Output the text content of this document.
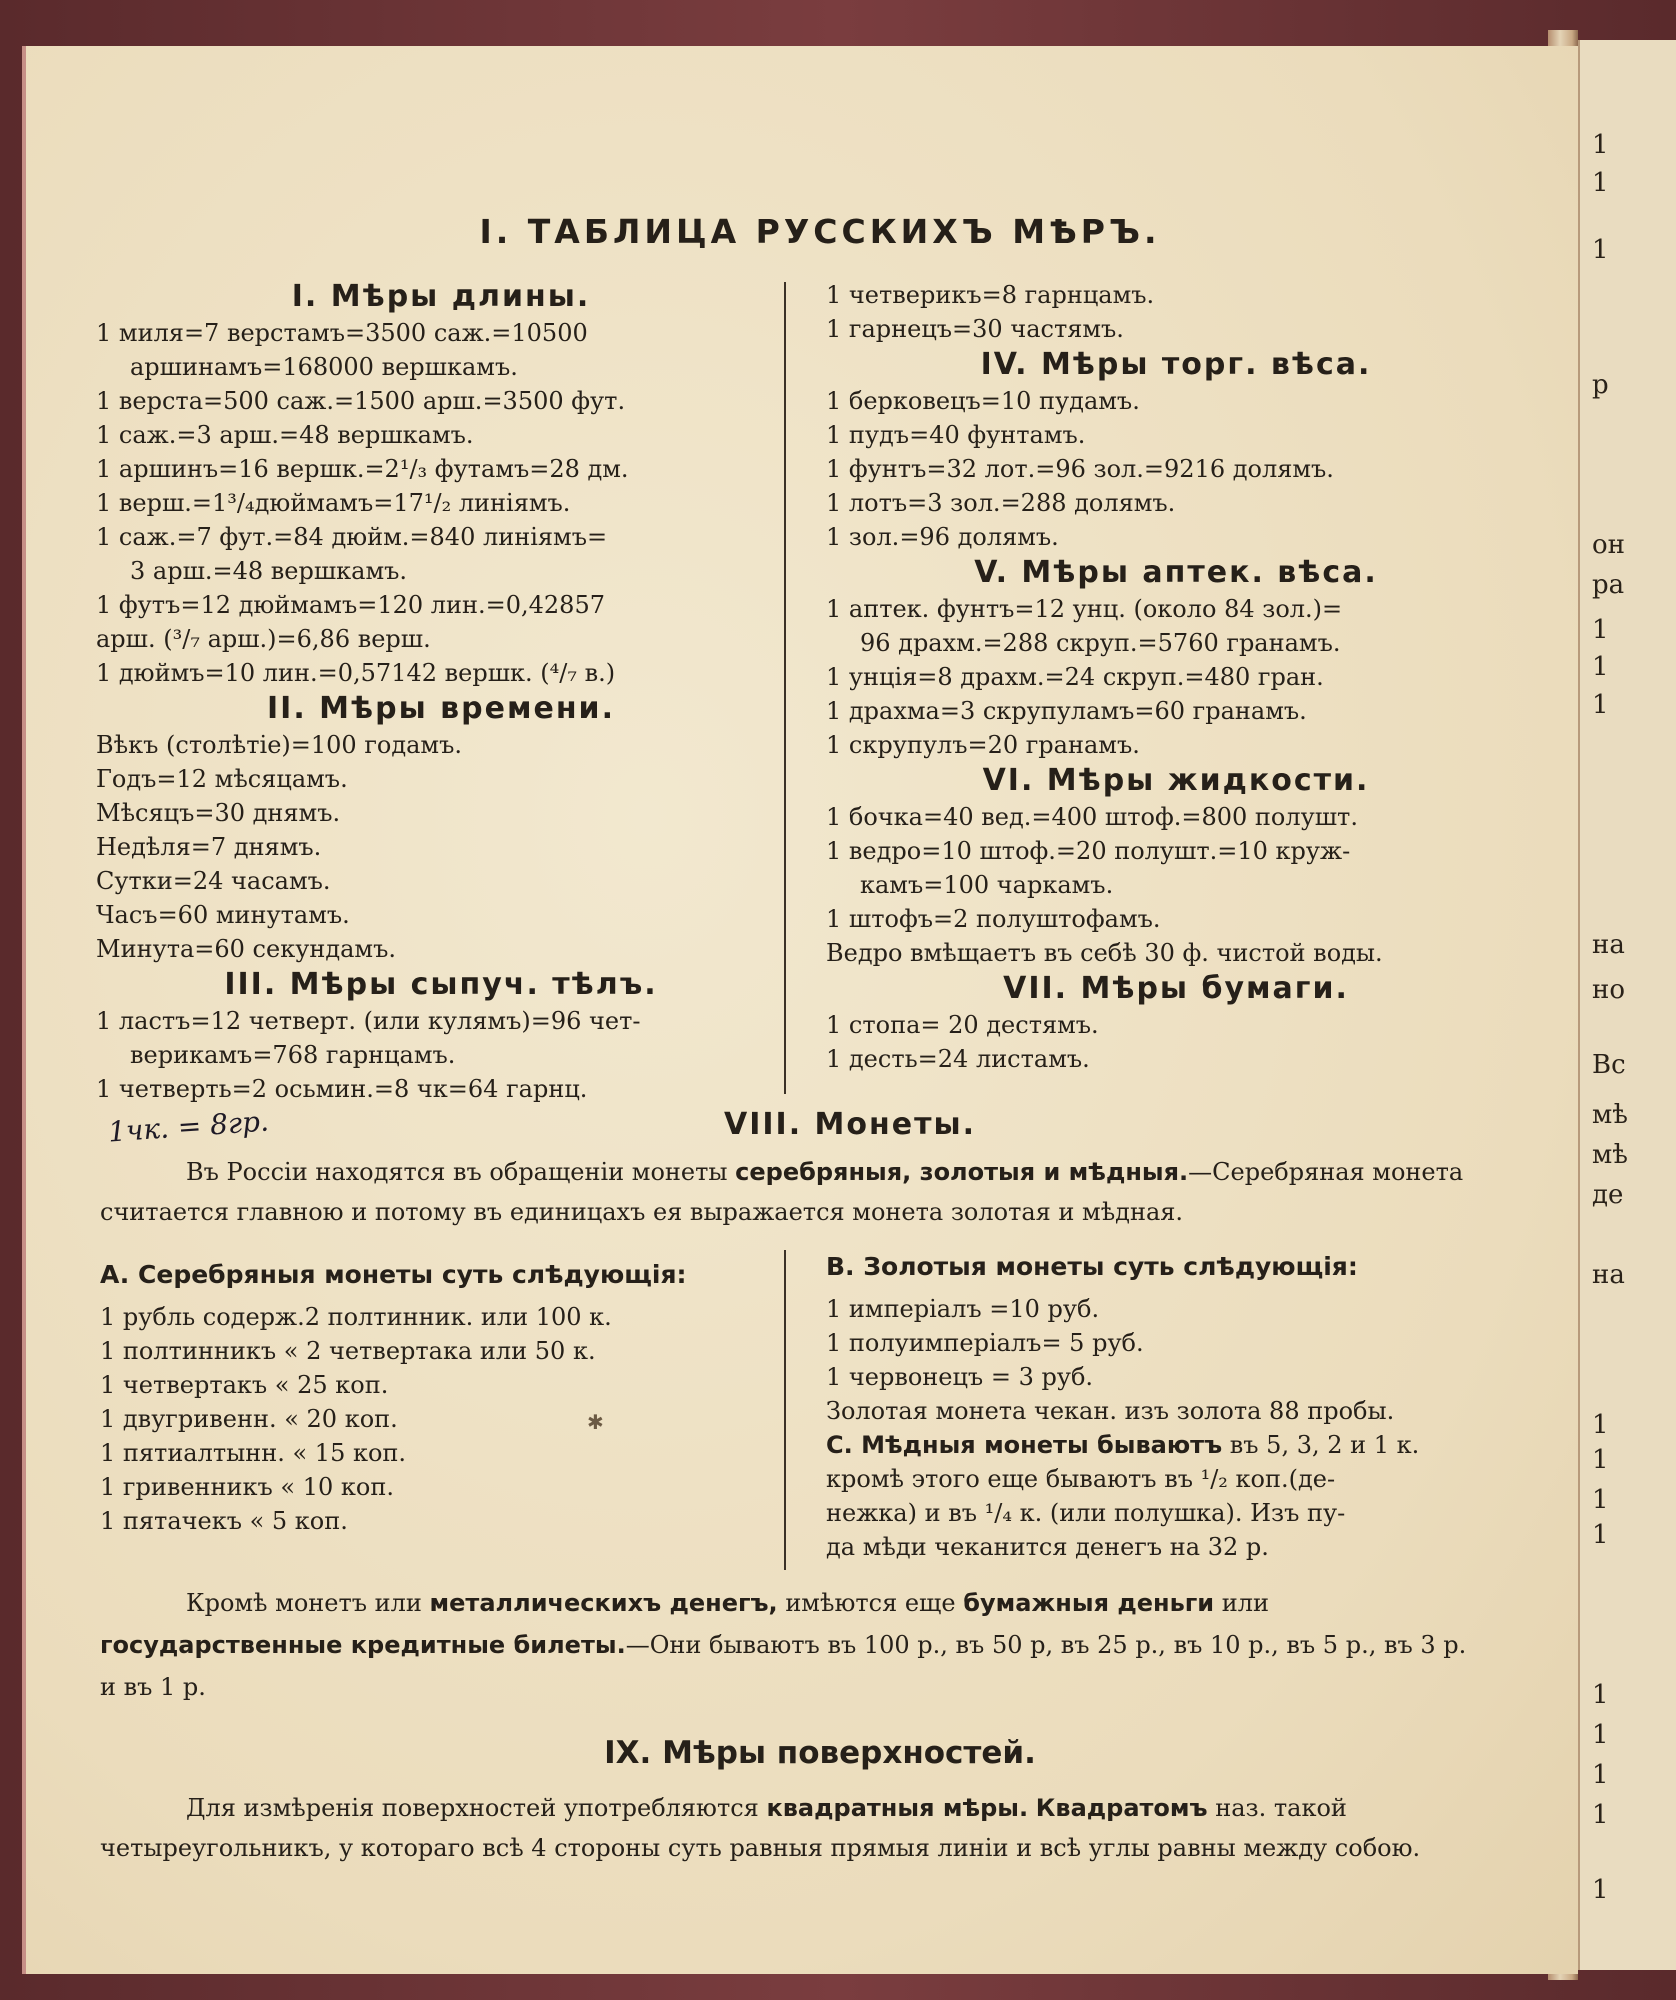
1
1
1
р
он
ра
1
1
1
на
но
Вс
мѣ
мѣ
де
на
1
1
1
1
1
1
1
1
1
I. ТАБЛИЦА РУССКИХЪ МѢРЪ.
I. Мѣры длины.
1 миля=7 верстамъ=3500 саж.=10500
аршинамъ=168000 вершкамъ.
1 верста=500 саж.=1500 арш.=3500 фут.
1 саж.=3 арш.=48 вершкамъ.
1 аршинъ=16 вершк.=2¹/₃ футамъ=28 дм.
1 верш.=1³/₄дюймамъ=17¹/₂ линіямъ.
1 саж.=7 фут.=84 дюйм.=840 линіямъ=
3 арш.=48 вершкамъ.
1 футъ=12 дюймамъ=120 лин.=0,42857
арш. (³/₇ арш.)=6,86 верш.
1 дюймъ=10 лин.=0,57142 вершк. (⁴/₇ в.)
II. Мѣры времени.
Вѣкъ (столѣтіе)=100 годамъ.
Годъ=12 мѣсяцамъ.
Мѣсяцъ=30 днямъ.
Недѣля=7 днямъ.
Сутки=24 часамъ.
Часъ=60 минутамъ.
Минута=60 секундамъ.
III. Мѣры сыпуч. тѣлъ.
1 ластъ=12 четверт. (или кулямъ)=96 чет-
верикамъ=768 гарнцамъ.
1 четверть=2 осьмин.=8 чк=64 гарнц.
1 четверикъ=8 гарнцамъ.
1 гарнецъ=30 частямъ.
IV. Мѣры торг. вѣса.
1 берковецъ=10 пудамъ.
1 пудъ=40 фунтамъ.
1 фунтъ=32 лот.=96 зол.=9216 долямъ.
1 лотъ=3 зол.=288 долямъ.
1 зол.=96 долямъ.
V. Мѣры аптек. вѣса.
1 аптек. фунтъ=12 унц. (около 84 зол.)=
96 драхм.=288 скруп.=5760 гранамъ.
1 унція=8 драхм.=24 скруп.=480 гран.
1 драхма=3 скрупуламъ=60 гранамъ.
1 скрупулъ=20 гранамъ.
VI. Мѣры жидкости.
1 бочка=40 вед.=400 штоф.=800 полушт.
1 ведро=10 штоф.=20 полушт.=10 круж-
камъ=100 чаркамъ.
1 штофъ=2 полуштофамъ.
Ведро вмѣщаетъ въ себѣ 30 ф. чистой воды.
VII. Мѣры бумаги.
1 стопа= 20 дестямъ.
1 десть=24 листамъ.
1чк. = 8гр.	VIII. Монеты.
Въ Россіи находятся въ обращеніи монеты серебряныя, золотыя и мѣдныя.—Серебряная монета считается главною и потому въ единицахъ ея выражается монета золотая и мѣдная.
A. Серебряныя монеты суть слѣдующія:
1 рубль содерж.2 полтинник. или 100 к.
1 полтинникъ « 2 четвертака или 50 к.
1 четвертакъ « 25 коп.
1 двугривенн. « 20 коп.
1 пятиалтынн. « 15 коп.
1 гривенникъ « 10 коп.
1 пятачекъ « 5 коп.
✱
B. Золотыя монеты суть слѣдующія:
1 имперіалъ =10 руб.
1 полуимперіалъ= 5 руб.
1 червонецъ = 3 руб.
Золотая монета чекан. изъ золота 88 пробы.
C. Мѣдныя монеты бываютъ въ 5, 3, 2 и 1 к.
кромѣ этого еще бываютъ въ ¹/₂ коп.(де-
нежка) и въ ¹/₄ к. (или полушка). Изъ пу-
да мѣди чеканится денегъ на 32 р.
Кромѣ монетъ или металлическихъ денегъ, имѣются еще бумажныя деньги или государственные кредитные билеты.—Они бываютъ въ 100 р., въ 50 р, въ 25 р., въ 10 р., въ 5 р., въ 3 р. и въ 1 р.
IX. Мѣры поверхностей.
Для измѣренія поверхностей употребляются квадратныя мѣры. Квадратомъ наз. такой четыреугольникъ, у котораго всѣ 4 стороны суть равныя прямыя линіи и всѣ углы равны между собою.
